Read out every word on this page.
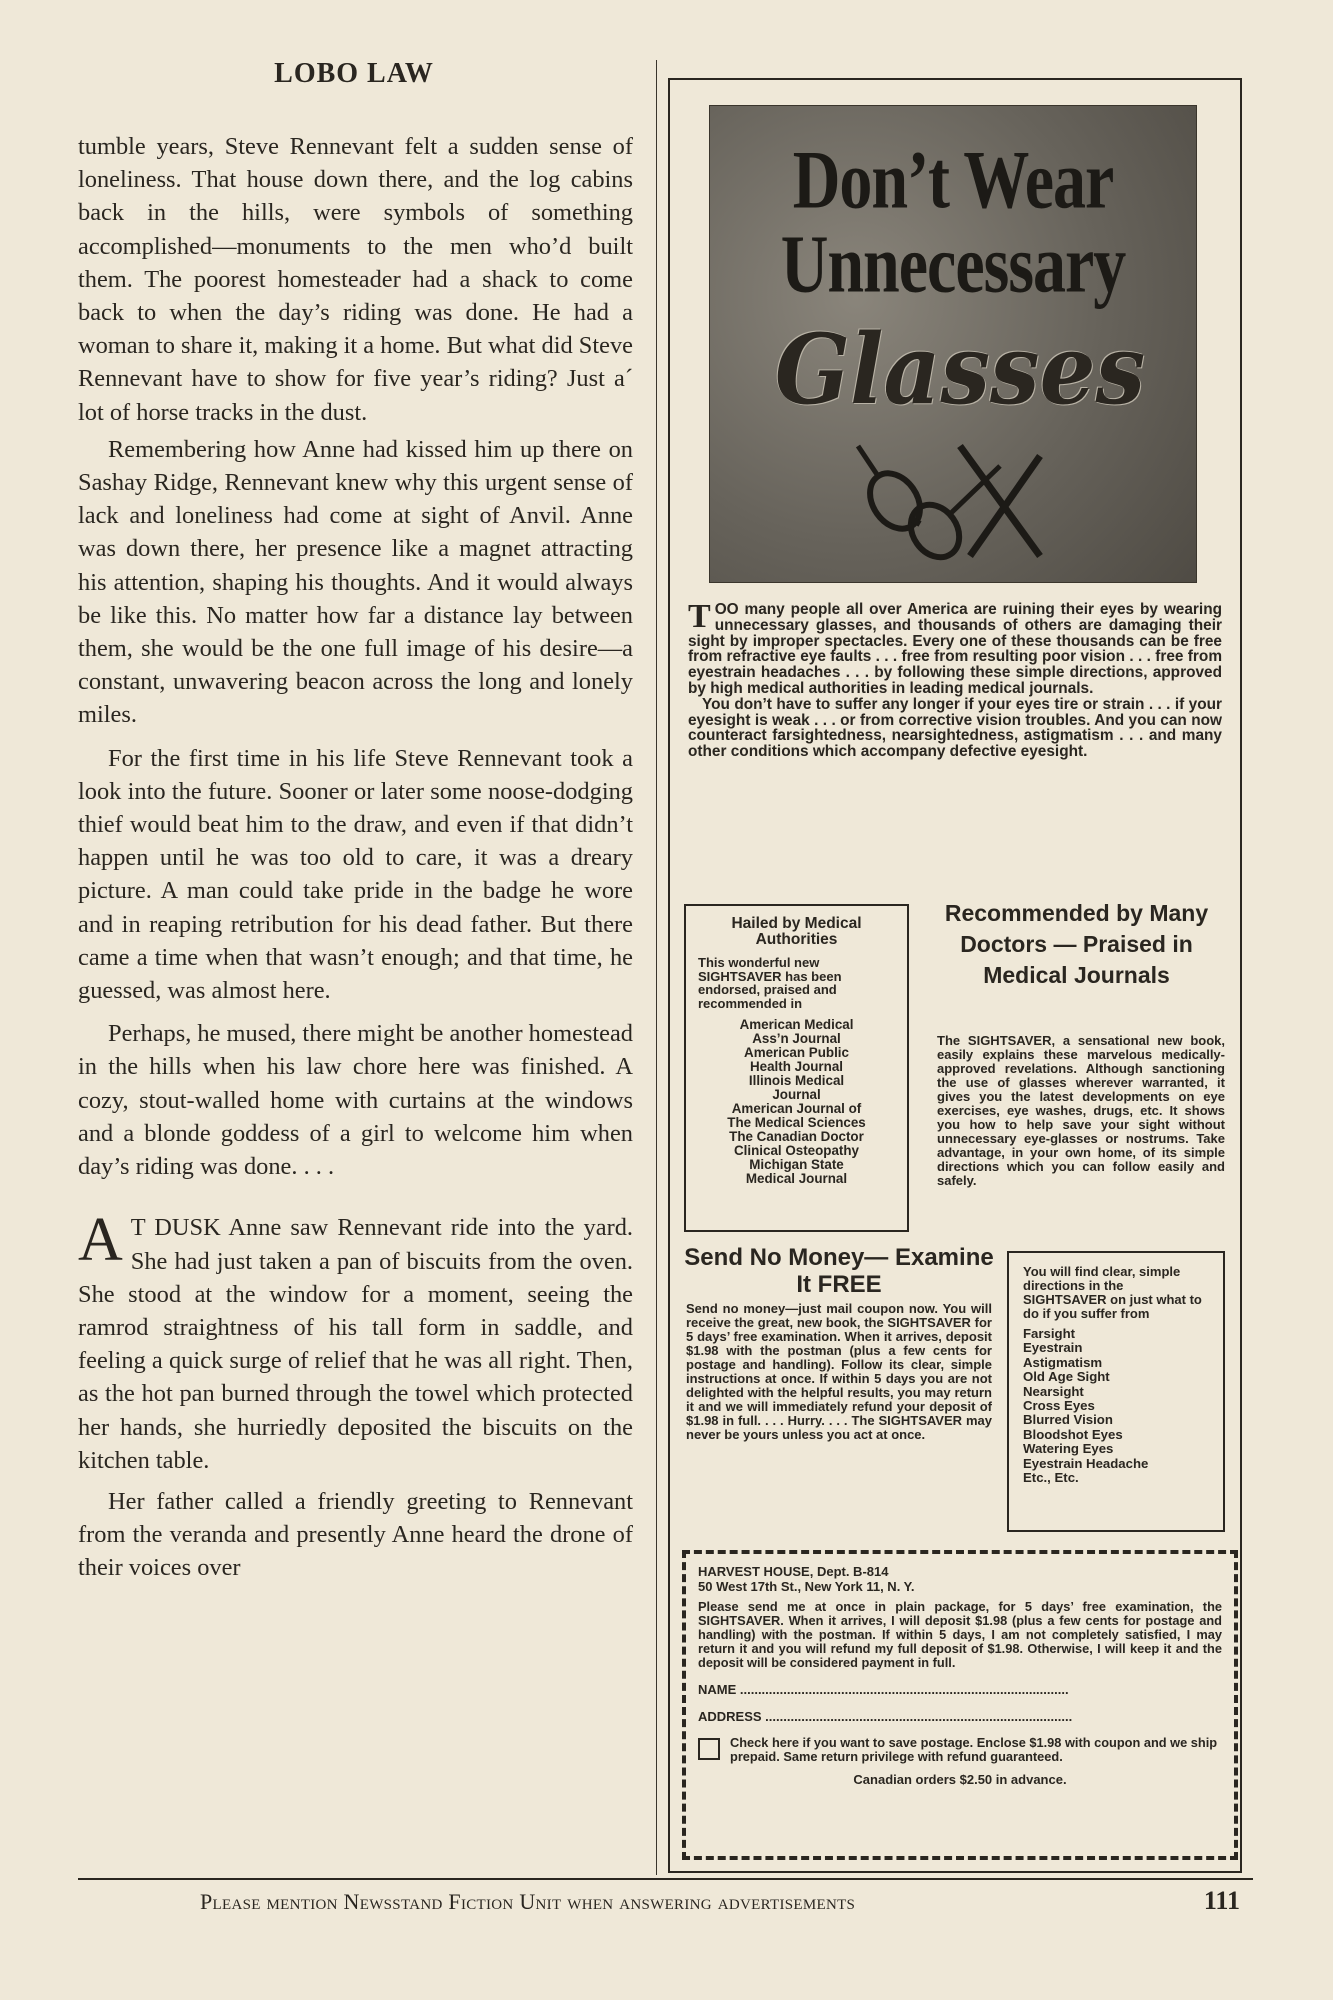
LOBO LAW

tumble years, Steve Rennevant felt a sudden sense of loneliness. That house down there, and the log cabins back in the hills, were symbols of something accomplished—monuments to the men who’d built them. The poorest homesteader had a shack to come back to when the day’s riding was done. He had a woman to share it, making it a home. But what did Steve Rennevant have to show for five year’s riding? Just a´ lot of horse tracks in the dust.

Remembering how Anne had kissed him up there on Sashay Ridge, Rennevant knew why this urgent sense of lack and loneliness had come at sight of Anvil. Anne was down there, her presence like a magnet attracting his attention, shaping his thoughts. And it would always be like this. No matter how far a distance lay between them, she would be the one full image of his desire—a constant, unwavering beacon across the long and lonely miles.

For the first time in his life Steve Rennevant took a look into the future. Sooner or later some noose-dodging thief would beat him to the draw, and even if that didn’t happen until he was too old to care, it was a dreary picture. A man could take pride in the badge he wore and in reaping retribution for his dead father. But there came a time when that wasn’t enough; and that time, he guessed, was almost here.

Perhaps, he mused, there might be another homestead in the hills when his law chore here was finished. A cozy, stout-walled home with curtains at the windows and a blonde goddess of a girl to welcome him when day’s riding was done. . . .

A T DUSK Anne saw Rennevant ride into the yard. She had just taken a pan of biscuits from the oven. She stood at the window for a moment, seeing the ramrod straightness of his tall form in saddle, and feeling a quick surge of relief that he was all right. Then, as the hot pan burned through the towel which protected her hands, she hurriedly deposited the biscuits on the kitchen table.

Her father called a friendly greeting to Rennevant from the veranda and presently Anne heard the drone of their voices over

Don’t Wear
Unnecessary
Glasses

TOO many people all over America are ruining their eyes by wearing unnecessary glasses, and thousands of others are damaging their sight by improper spectacles. Every one of these thousands can be free from refractive eye faults . . . free from resulting poor vision . . . free from eyestrain headaches . . . by following these simple directions, approved by high medical authorities in leading medical journals.

You don’t have to suffer any longer if your eyes tire or strain . . . if your eyesight is weak . . . or from corrective vision troubles. And you can now counteract farsightedness, nearsightedness, astigmatism . . . and many other conditions which accompany defective eyesight.

Hailed by Medical Authorities
This wonderful new SIGHTSAVER has been endorsed, praised and recommended in
American Medical
Ass’n Journal
American Public
Health Journal
Illinois Medical
Journal
American Journal of
The Medical Sciences
The Canadian Doctor
Clinical Osteopathy
Michigan State
Medical Journal
Recommended by Many Doctors — Praised in Medical Journals
The SIGHTSAVER, a sensational new book, easily explains these marvelous medically-approved revelations. Although sanctioning the use of glasses wherever warranted, it gives you the latest developments on eye exercises, eye washes, drugs, etc. It shows you how to help save your sight without unnecessary eye-glasses or nostrums. Take advantage, in your own home, of its simple directions which you can follow easily and safely.
Send No Money— Examine It FREE
Send no money—just mail coupon now. You will receive the great, new book, the SIGHTSAVER for 5 days’ free examination. When it arrives, deposit $1.98 with the postman (plus a few cents for postage and handling). Follow its clear, simple instructions at once. If within 5 days you are not delighted with the helpful results, you may return it and we will immediately refund your deposit of $1.98 in full. . . . Hurry. . . . The SIGHTSAVER may never be yours unless you act at once.
You will find clear, simple directions in the SIGHTSAVER on just what to do if you suffer from
Farsight
Eyestrain
Astigmatism
Old Age Sight
Nearsight
Cross Eyes
Blurred Vision
Bloodshot Eyes
Watering Eyes
Eyestrain Headache
Etc., Etc.
HARVEST HOUSE, Dept. B-814
50 West 17th St., New York 11, N. Y.
Please send me at once in plain package, for 5 days’ free examination, the SIGHTSAVER. When it arrives, I will deposit $1.98 (plus a few cents for postage and handling) with the postman. If within 5 days, I am not completely satisfied, I may return it and you will refund my full deposit of $1.98. Otherwise, I will keep it and the deposit will be considered payment in full.
NAME ...........................................................................................
ADDRESS .....................................................................................
Check here if you want to save postage. Enclose $1.98 with coupon and we ship prepaid. Same return privilege with refund guaranteed.
Canadian orders $2.50 in advance.
Please mention Newsstand Fiction Unit when answering advertisements	111
